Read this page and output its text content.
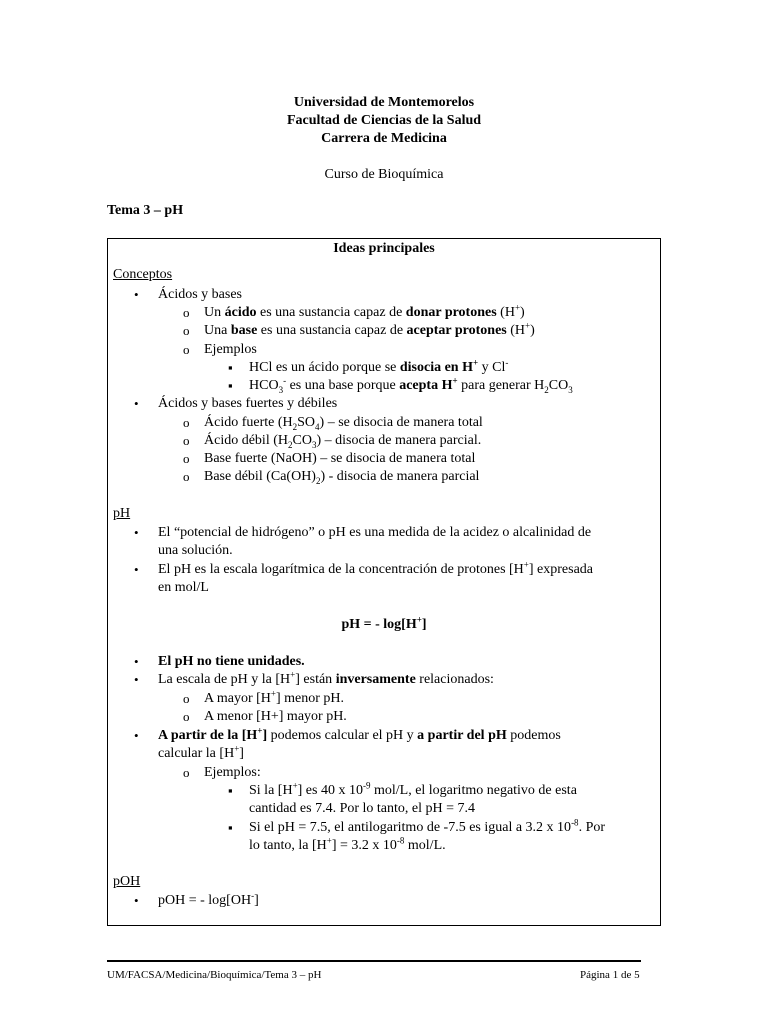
Universidad de Montemorelos
Facultad de Ciencias de la Salud
Carrera de Medicina
Curso de Bioquímica
Tema 3 – pH
Ideas principales
Conceptos
• Ácidos y bases
o Un ácido es una sustancia capaz de donar protones (H+)
o Una base es una sustancia capaz de aceptar protones (H+)
o Ejemplos
▪ HCl es un ácido porque se disocia en H+ y Cl-
▪ $HCO_3^-$ es una base porque acepta H+ para generar $H_2CO_3$
• Ácidos y bases fuertes y débiles
o Ácido fuerte $(H_2SO_4)$ – se disocia de manera total
o Ácido débil $(H_2CO_3)$ – disocia de manera parcial.
o Base fuerte (NaOH) – se disocia de manera total
o Base débil $(Ca(OH)_2)$ - disocia de manera parcial
pH
• El “potencial de hidrógeno” o pH es una medida de la acidez o alcalinidad de
una solución.
• El pH es la escala logarítmica de la concentración de protones [H+] expresada
en mol/L
pH = - log[H+]
• El pH no tiene unidades.
• La escala de pH y la [H+] están inversamente relacionados:
o A mayor [H+] menor pH.
o A menor [H+] mayor pH.
• A partir de la [H+] podemos calcular el pH y a partir del pH podemos
calcular la [H+]
o Ejemplos:
▪ Si la [H+] es 40 x $10^{-9}$ mol/L, el logaritmo negativo de esta
cantidad es 7.4. Por lo tanto, el pH = 7.4
▪ Si el pH = 7.5, el antilogaritmo de -7.5 es igual a 3.2 x $10^{-8}$. Por
lo tanto, la [H+] = 3.2 x $10^{-8}$ mol/L.
pOH
• pOH = - log[OH-]
UM/FACSA/Medicina/Bioquímica/Tema 3 – pH	Página 1 de 5
